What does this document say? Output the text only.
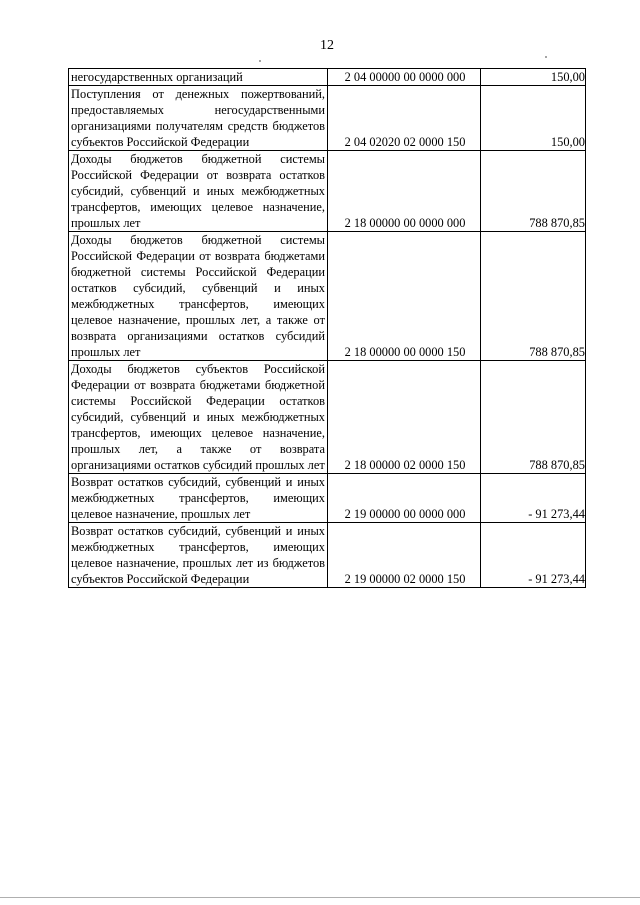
12
негосударственных организаций	2 04 00000 00 0000 000	150,00
Поступления от денежных пожертвований, предоставляемых негосударственными организациями получателям средств бюджетов субъектов Российской Федерации	2 04 02020 02 0000 150	150,00
Доходы бюджетов бюджетной системы Российской Федерации от возврата остатков субсидий, субвенций и иных межбюджетных трансфертов, имеющих целевое назначение, прошлых лет	2 18 00000 00 0000 000	788 870,85
Доходы бюджетов бюджетной системы Российской Федерации от возврата бюджетами бюджетной системы Российской Федерации остатков субсидий, субвенций и иных межбюджетных трансфертов, имеющих целевое назначение, прошлых лет, а также от возврата организациями остатков субсидий прошлых лет	2 18 00000 00 0000 150	788 870,85
Доходы бюджетов субъектов Российской Федерации от возврата бюджетами бюджетной системы Российской Федерации остатков субсидий, субвенций и иных межбюджетных трансфертов, имеющих целевое назначение, прошлых лет, а также от возврата организациями остатков субсидий прошлых лет	2 18 00000 02 0000 150	788 870,85
Возврат остатков субсидий, субвенций и иных межбюджетных трансфертов, имеющих целевое назначение, прошлых лет	2 19 00000 00 0000 000	- 91 273,44
Возврат остатков субсидий, субвенций и иных межбюджетных трансфертов, имеющих целевое назначение, прошлых лет из бюджетов субъектов Российской Федерации	2 19 00000 02 0000 150	- 91 273,44
